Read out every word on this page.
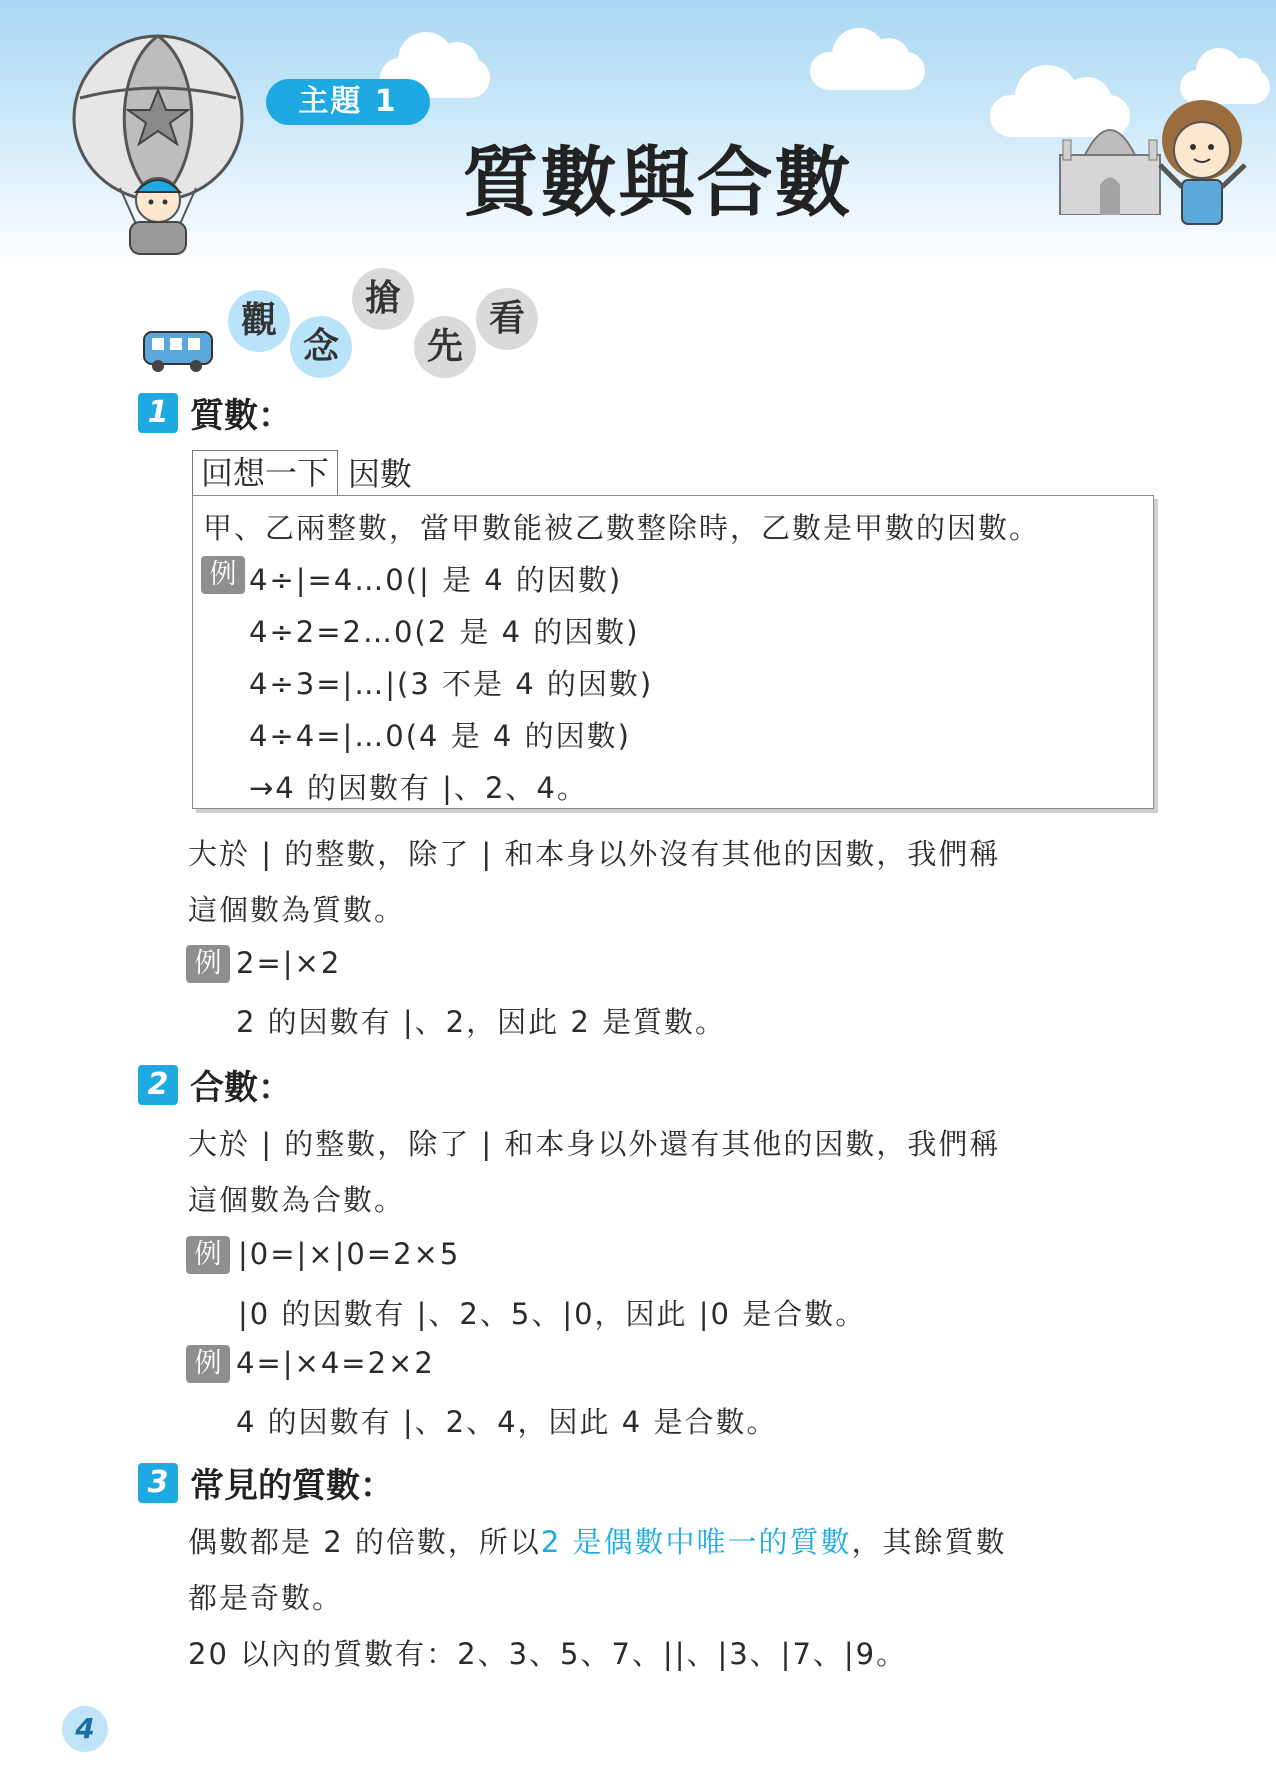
主題 1
質數與合數
觀
念
搶
先
看
1 質數：
回想一下 因數
甲、乙兩整數，當甲數能被乙數整除時，乙數是甲數的因數。
例 4÷|=4…0(| 是 4 的因數)
4÷2=2…0(2 是 4 的因數)
4÷3=|…|(3 不是 4 的因數)
4÷4=|…0(4 是 4 的因數)
→4 的因數有 |、2、4。
大於 | 的整數，除了 | 和本身以外沒有其他的因數，我們稱
這個數為質數。
例 2=|×2
2 的因數有 |、2，因此 2 是質數。
2 合數：
大於 | 的整數，除了 | 和本身以外還有其他的因數，我們稱
這個數為合數。
例 |0=|×|0=2×5
|0 的因數有 |、2、5、|0，因此 |0 是合數。
例 4=|×4=2×2
4 的因數有 |、2、4，因此 4 是合數。
3 常見的質數：
偶數都是 2 的倍數，所以2 是偶數中唯一的質數，其餘質數
都是奇數。
20 以內的質數有：2、3、5、7、||、|3、|7、|9。
4
